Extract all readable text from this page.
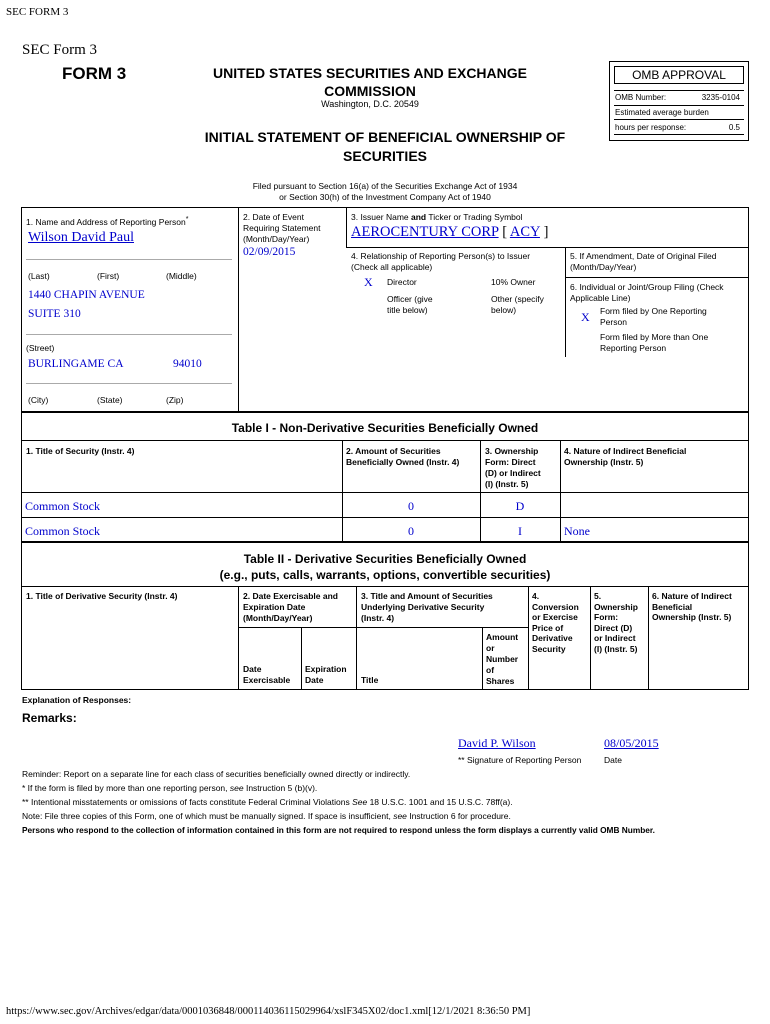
SEC FORM 3
https://www.sec.gov/Archives/edgar/data/0001036848/000114036115029964/xslF345X02/doc1.xml[12/1/2021 8:36:50 PM]
SEC Form 3
FORM 3	UNITED STATES SECURITIES AND EXCHANGE
COMMISSION
Washington, D.C. 20549
INITIAL STATEMENT OF BENEFICIAL OWNERSHIP OF
SECURITIES
Filed pursuant to Section 16(a) of the Securities Exchange Act of 1934
or Section 30(h) of the Investment Company Act of 1940
OMB APPROVAL
OMB Number:	3235-0104
Estimated average burden
hours per response:	0.5
1. Name and Address of Reporting Person*
Wilson David Paul
(Last)	(First)	(Middle)
1440 CHAPIN AVENUE
SUITE 310
(Street)
BURLINGAME CA	94010
(City)	(State)	(Zip)
2. Date of Event
Requiring Statement
(Month/Day/Year)
02/09/2015
3. Issuer Name and Ticker or Trading Symbol
AEROCENTURY CORP [ ACY ]
4. Relationship of Reporting Person(s) to Issuer
(Check all applicable)
X Director	10% Owner
Officer (give
title below)
Other (specify
below)
5. If Amendment, Date of Original Filed
(Month/Day/Year)
6. Individual or Joint/Group Filing (Check
Applicable Line)
X Form filed by One Reporting
Person
Form filed by More than One
Reporting Person
Table I - Non-Derivative Securities Beneficially Owned
1. Title of Security (Instr. 4)	2. Amount of Securities
Beneficially Owned (Instr. 4)
3. Ownership
Form: Direct
(D) or Indirect
(I) (Instr. 5)
4. Nature of Indirect Beneficial
Ownership (Instr. 5)
Common Stock	0	D
Common Stock	0	I	None
Table II - Derivative Securities Beneficially Owned
(e.g., puts, calls, warrants, options, convertible securities)
1. Title of Derivative Security (Instr. 4)	2. Date Exercisable and
Expiration Date
(Month/Day/Year)
Date
Exercisable
Expiration
Date
3. Title and Amount of Securities
Underlying Derivative Security
(Instr. 4)
Title
Amount
or
Number
of
Shares
4.
Conversion
or Exercise
Price of
Derivative
Security
5.
Ownership
Form:
Direct (D)
or Indirect
(I) (Instr. 5)
6. Nature of Indirect
Beneficial
Ownership (Instr. 5)
Explanation of Responses:
Remarks:
David P. Wilson	08/05/2015
** Signature of Reporting Person	Date
Reminder: Report on a separate line for each class of securities beneficially owned directly or indirectly.
* If the form is filed by more than one reporting person, see Instruction 5 (b)(v).
** Intentional misstatements or omissions of facts constitute Federal Criminal Violations See 18 U.S.C. 1001 and 15 U.S.C. 78ff(a).
Note: File three copies of this Form, one of which must be manually signed. If space is insufficient, see Instruction 6 for procedure.
Persons who respond to the collection of information contained in this form are not required to respond unless the form displays a currently valid OMB Number.
